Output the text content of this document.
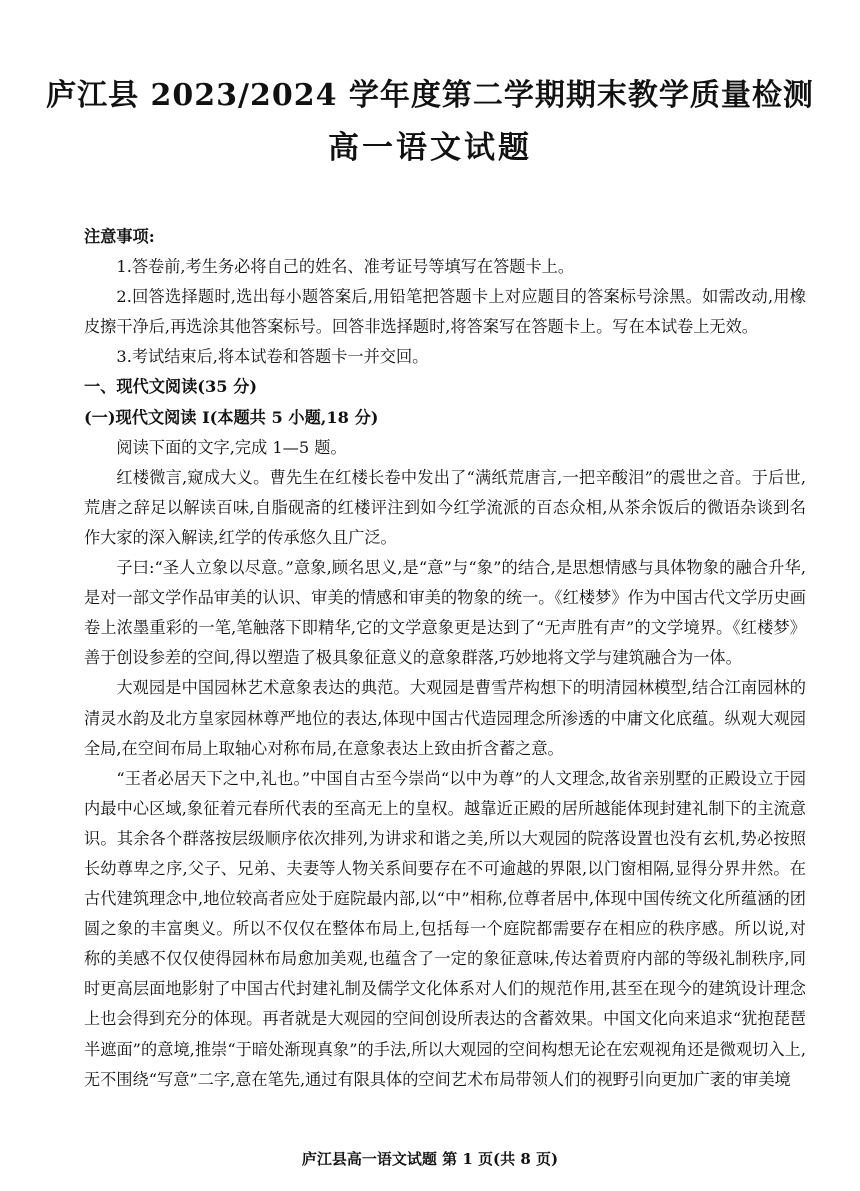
庐江县 2023/2024 学年度第二学期期末教学质量检测
高一语文试题

注意事项:

1.答卷前,考生务必将自己的姓名、准考证号等填写在答题卡上。

2.回答选择题时,选出每小题答案后,用铅笔把答题卡上对应题目的答案标号涂黑。如需改动,用橡皮擦干净后,再选涂其他答案标号。回答非选择题时,将答案写在答题卡上。写在本试卷上无效。

3.考试结束后,将本试卷和答题卡一并交回。

一、现代文阅读(35 分)

(一)现代文阅读 I(本题共 5 小题,18 分)

阅读下面的文字,完成 1—5 题。

红楼微言,窥成大义。曹先生在红楼长卷中发出了“满纸荒唐言,一把辛酸泪”的震世之音。于后世,荒唐之辞足以解读百味,自脂砚斋的红楼评注到如今红学流派的百态众相,从茶余饭后的微语杂谈到名作大家的深入解读,红学的传承悠久且广泛。

子曰:“圣人立象以尽意。”意象,顾名思义,是“意”与“象”的结合,是思想情感与具体物象的融合升华,是对一部文学作品审美的认识、审美的情感和审美的物象的统一。《红楼梦》作为中国古代文学历史画卷上浓墨重彩的一笔,笔触落下即精华,它的文学意象更是达到了“无声胜有声”的文学境界。《红楼梦》善于创设参差的空间,得以塑造了极具象征意义的意象群落,巧妙地将文学与建筑融合为一体。

大观园是中国园林艺术意象表达的典范。大观园是曹雪芹构想下的明清园林模型,结合江南园林的清灵水韵及北方皇家园林尊严地位的表达,体现中国古代造园理念所渗透的中庸文化底蕴。纵观大观园全局,在空间布局上取轴心对称布局,在意象表达上致由折含蓄之意。

“王者必居天下之中,礼也。”中国自古至今崇尚“以中为尊”的人文理念,故省亲别墅的正殿设立于园内最中心区域,象征着元春所代表的至高无上的皇权。越靠近正殿的居所越能体现封建礼制下的主流意识。其余各个群落按层级顺序依次排列,为讲求和谐之美,所以大观园的院落设置也没有玄机,势必按照长幼尊卑之序,父子、兄弟、夫妻等人物关系间要存在不可逾越的界限,以门窗相隔,显得分界井然。在古代建筑理念中,地位较高者应处于庭院最内部,以“中”相称,位尊者居中,体现中国传统文化所蕴涵的团圆之象的丰富奥义。所以不仅仅在整体布局上,包括每一个庭院都需要存在相应的秩序感。所以说,对称的美感不仅仅使得园林布局愈加美观,也蕴含了一定的象征意味,传达着贾府内部的等级礼制秩序,同时更高层面地影射了中国古代封建礼制及儒学文化体系对人们的规范作用,甚至在现今的建筑设计理念上也会得到充分的体现。再者就是大观园的空间创设所表达的含蓄效果。中国文化向来追求“犹抱琵琶半遮面”的意境,推崇“于暗处渐现真象”的手法,所以大观园的空间构想无论在宏观视角还是微观切入上,无不围绕“写意”二字,意在笔先,通过有限具体的空间艺术布局带领人们的视野引向更加广袤的审美境

庐江县高一语文试题 第 1 页(共 8 页)
